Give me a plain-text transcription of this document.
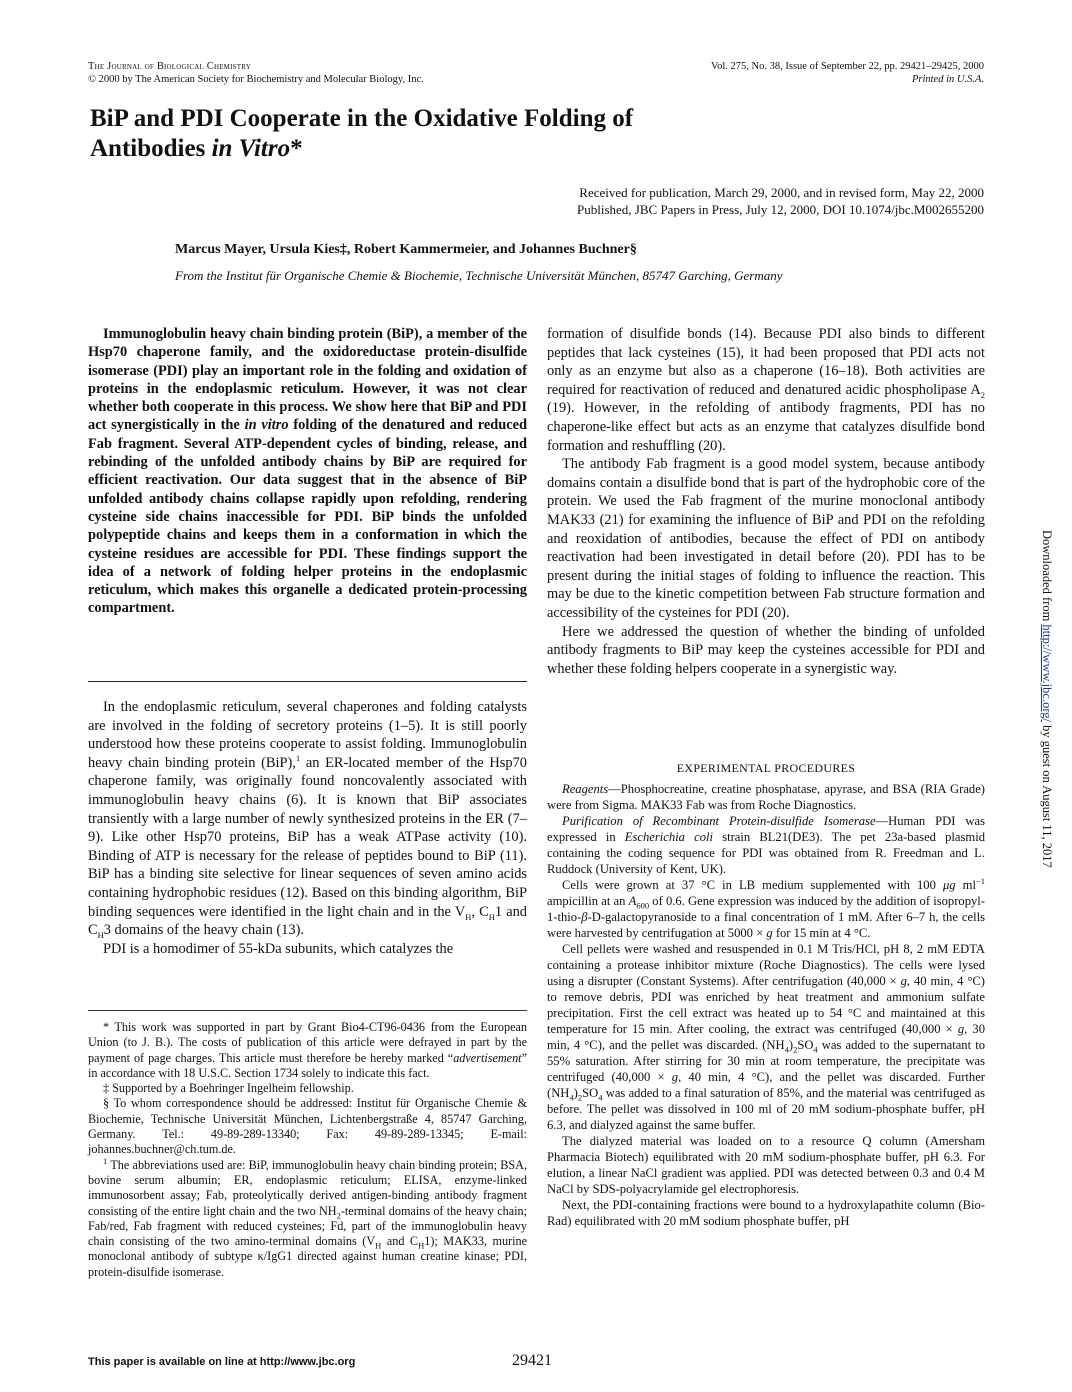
The Journal of Biological Chemistry
© 2000 by The American Society for Biochemistry and Molecular Biology, Inc.
Vol. 275, No. 38, Issue of September 22, pp. 29421–29425, 2000
Printed in U.S.A.
BiP and PDI Cooperate in the Oxidative Folding of
Antibodies in Vitro*
Received for publication, March 29, 2000, and in revised form, May 22, 2000
Published, JBC Papers in Press, July 12, 2000, DOI 10.1074/jbc.M002655200
Marcus Mayer, Ursula Kies‡, Robert Kammermeier, and Johannes Buchner§
From the Institut für Organische Chemie & Biochemie, Technische Universität München, 85747 Garching, Germany

Immunoglobulin heavy chain binding protein (BiP), a member of the Hsp70 chaperone family, and the oxidoreductase protein-disulfide isomerase (PDI) play an important role in the folding and oxidation of proteins in the endoplasmic reticulum. However, it was not clear whether both cooperate in this process. We show here that BiP and PDI act synergistically in the in vitro folding of the denatured and reduced Fab fragment. Several ATP-dependent cycles of binding, release, and rebinding of the unfolded antibody chains by BiP are required for efficient reactivation. Our data suggest that in the absence of BiP unfolded antibody chains collapse rapidly upon refolding, rendering cysteine side chains inaccessible for PDI. BiP binds the unfolded polypeptide chains and keeps them in a conformation in which the cysteine residues are accessible for PDI. These findings support the idea of a network of folding helper proteins in the endoplasmic reticulum, which makes this organelle a dedicated protein-processing compartment.

In the endoplasmic reticulum, several chaperones and folding catalysts are involved in the folding of secretory proteins (1–5). It is still poorly understood how these proteins cooperate to assist folding. Immunoglobulin heavy chain binding protein (BiP),$^1$ an ER-located member of the Hsp70 chaperone family, was originally found noncovalently associated with immunoglobulin heavy chains (6). It is known that BiP associates transiently with a large number of newly synthesized proteins in the ER (7–9). Like other Hsp70 proteins, BiP has a weak ATPase activity (10). Binding of ATP is necessary for the release of peptides bound to BiP (11). BiP has a binding site selective for linear sequences of seven amino acids containing hydrophobic residues (12). Based on this binding algorithm, BiP binding sequences were identified in the light chain and in the $V_H$, $C_H1$ and $C_H3$ domains of the heavy chain (13).

PDI is a homodimer of 55-kDa subunits, which catalyzes the

* This work was supported in part by Grant Bio4-CT96-0436 from the European Union (to J. B.). The costs of publication of this article were defrayed in part by the payment of page charges. This article must therefore be hereby marked “advertisement” in accordance with 18 U.S.C. Section 1734 solely to indicate this fact.

‡ Supported by a Boehringer Ingelheim fellowship.

§ To whom correspondence should be addressed: Institut für Organische Chemie & Biochemie, Technische Universität München, Lichtenbergstraße 4, 85747 Garching, Germany. Tel.: 49-89-289-13340; Fax: 49-89-289-13345; E-mail: johannes.buchner@ch.tum.de.

$^1$ The abbreviations used are: BiP, immunoglobulin heavy chain binding protein; BSA, bovine serum albumin; ER, endoplasmic reticulum; ELISA, enzyme-linked immunosorbent assay; Fab, proteolytically derived antigen-binding antibody fragment consisting of the entire light chain and the two $NH_2$-terminal domains of the heavy chain; Fab/red, Fab fragment with reduced cysteines; Fd, part of the immunoglobulin heavy chain consisting of the two amino-terminal domains ($V_H$ and $C_H1$); MAK33, murine monoclonal antibody of subtype κ/IgG1 directed against human creatine kinase; PDI, protein-disulfide isomerase.

formation of disulfide bonds (14). Because PDI also binds to different peptides that lack cysteines (15), it had been proposed that PDI acts not only as an enzyme but also as a chaperone (16–18). Both activities are required for reactivation of reduced and denatured acidic phospholipase $A_2$ (19). However, in the refolding of antibody fragments, PDI has no chaperone-like effect but acts as an enzyme that catalyzes disulfide bond formation and reshuffling (20).

The antibody Fab fragment is a good model system, because antibody domains contain a disulfide bond that is part of the hydrophobic core of the protein. We used the Fab fragment of the murine monoclonal antibody MAK33 (21) for examining the influence of BiP and PDI on the refolding and reoxidation of antibodies, because the effect of PDI on antibody reactivation had been investigated in detail before (20). PDI has to be present during the initial stages of folding to influence the reaction. This may be due to the kinetic competition between Fab structure formation and accessibility of the cysteines for PDI (20).

Here we addressed the question of whether the binding of unfolded antibody fragments to BiP may keep the cysteines accessible for PDI and whether these folding helpers cooperate in a synergistic way.

EXPERIMENTAL PROCEDURES

Reagents—Phosphocreatine, creatine phosphatase, apyrase, and BSA (RIA Grade) were from Sigma. MAK33 Fab was from Roche Diagnostics.

Purification of Recombinant Protein-disulfide Isomerase—Human PDI was expressed in Escherichia coli strain BL21(DE3). The pet 23a-based plasmid containing the coding sequence for PDI was obtained from R. Freedman and L. Ruddock (University of Kent, UK).

Cells were grown at 37 °C in LB medium supplemented with 100 μg $ml^{-1}$ ampicillin at an $A_{600}$ of 0.6. Gene expression was induced by the addition of isopropyl-1-thio-β-D-galactopyranoside to a final concentration of 1 mM. After 6–7 h, the cells were harvested by centrifugation at 5000 × g for 15 min at 4 °C.

Cell pellets were washed and resuspended in 0.1 M Tris/HCl, pH 8, 2 mM EDTA containing a protease inhibitor mixture (Roche Diagnostics). The cells were lysed using a disrupter (Constant Systems). After centrifugation (40,000 × g, 40 min, 4 °C) to remove debris, PDI was enriched by heat treatment and ammonium sulfate precipitation. First the cell extract was heated up to 54 °C and maintained at this temperature for 15 min. After cooling, the extract was centrifuged (40,000 × g, 30 min, 4 °C), and the pellet was discarded. $(NH_4)_2SO_4$ was added to the supernatant to 55% saturation. After stirring for 30 min at room temperature, the precipitate was centrifuged (40,000 × g, 40 min, 4 °C), and the pellet was discarded. Further $(NH_4)_2SO_4$ was added to a final saturation of 85%, and the material was centrifuged as before. The pellet was dissolved in 100 ml of 20 mM sodium-phosphate buffer, pH 6.3, and dialyzed against the same buffer.

The dialyzed material was loaded on to a resource Q column (Amersham Pharmacia Biotech) equilibrated with 20 mM sodium-phosphate buffer, pH 6.3. For elution, a linear NaCl gradient was applied. PDI was detected between 0.3 and 0.4 M NaCl by SDS-polyacrylamide gel electrophoresis.

Next, the PDI-containing fractions were bound to a hydroxylapathite column (Bio-Rad) equilibrated with 20 mM sodium phosphate buffer, pH

Downloaded from http://www.jbc.org/ by guest on August 11, 2017
This paper is available on line at http://www.jbc.org	29421
